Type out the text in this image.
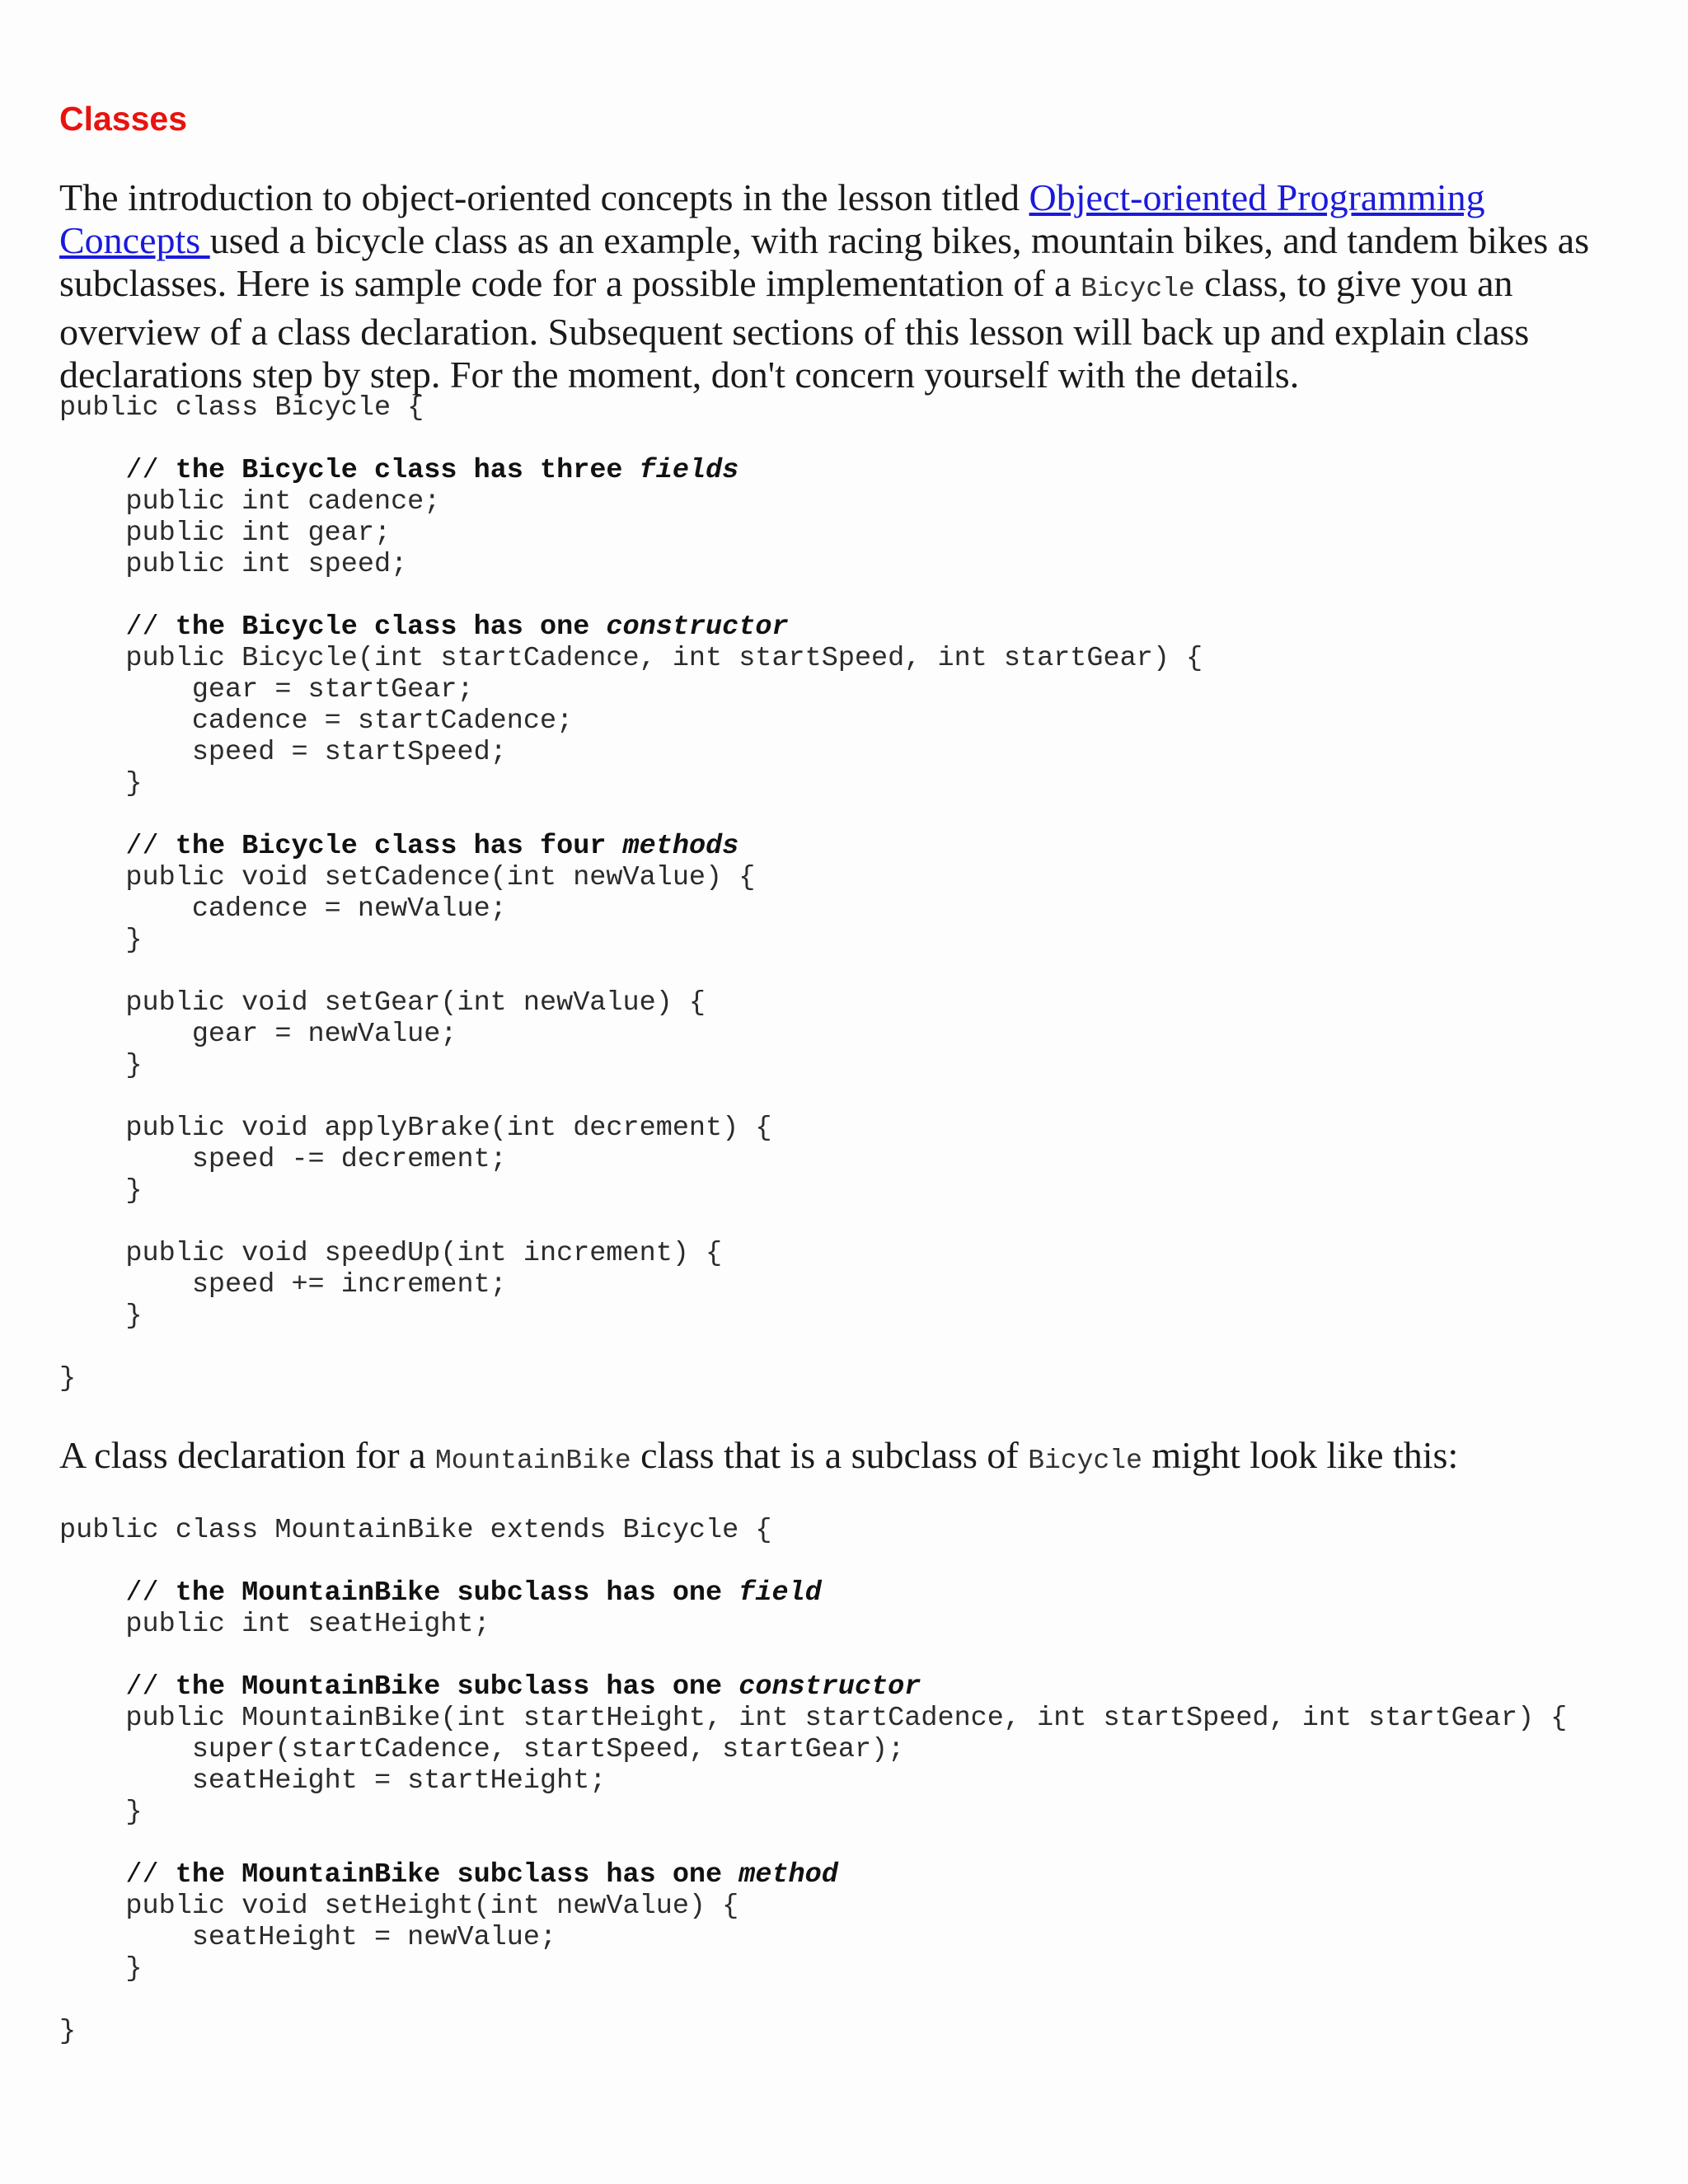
Classes

The introduction to object-oriented concepts in the lesson titled Object-oriented Programming Concepts used a bicycle class as an example, with racing bikes, mountain bikes, and tandem bikes as subclasses. Here is sample code for a possible implementation of a Bicycle class, to give you an overview of a class declaration. Subsequent sections of this lesson will back up and explain class declarations step by step. For the moment, don't concern yourself with the details.

public class Bicycle {

// the Bicycle class has three fields
public int cadence;
public int gear;
public int speed;

// the Bicycle class has one constructor
public Bicycle(int startCadence, int startSpeed, int startGear) {
gear = startGear;
cadence = startCadence;
speed = startSpeed;
}

// the Bicycle class has four methods
public void setCadence(int newValue) {
cadence = newValue;
}

public void setGear(int newValue) {
gear = newValue;
}

public void applyBrake(int decrement) {
speed -= decrement;
}

public void speedUp(int increment) {
speed += increment;
}

}

A class declaration for a MountainBike class that is a subclass of Bicycle might look like this:

public class MountainBike extends Bicycle {

// the MountainBike subclass has one field
public int seatHeight;

// the MountainBike subclass has one constructor
public MountainBike(int startHeight, int startCadence, int startSpeed, int startGear) {
super(startCadence, startSpeed, startGear);
seatHeight = startHeight;
}

// the MountainBike subclass has one method
public void setHeight(int newValue) {
seatHeight = newValue;
}

}
